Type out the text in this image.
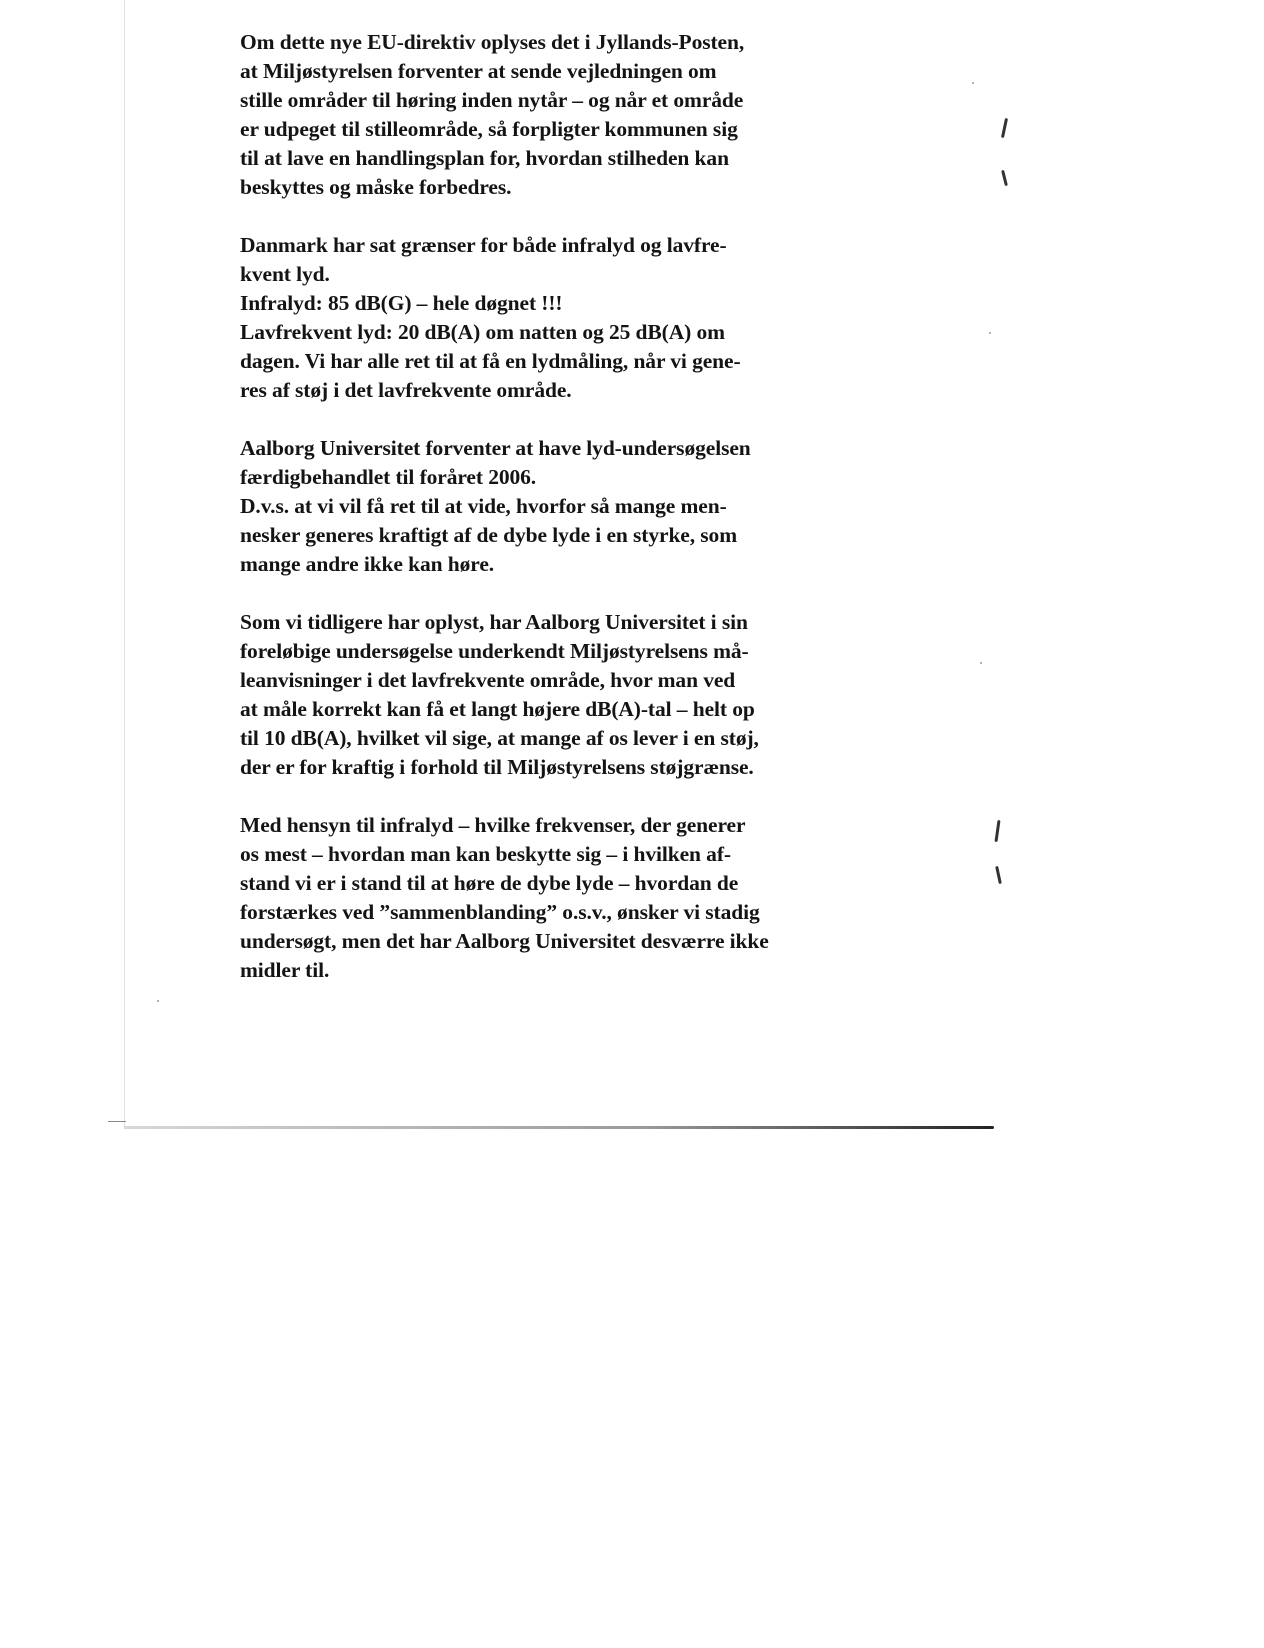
Om dette nye EU-direktiv oplyses det i Jyllands-Posten,
at Miljøstyrelsen forventer at sende vejledningen om
stille områder til høring inden nytår – og når et område
er udpeget til stilleområde, så forpligter kommunen sig
til at lave en handlingsplan for, hvordan stilheden kan
beskyttes og måske forbedres.

Danmark har sat grænser for både infralyd og lavfre-
kvent lyd.
Infralyd: 85 dB(G) – hele døgnet !!!
Lavfrekvent lyd: 20 dB(A) om natten og 25 dB(A) om
dagen. Vi har alle ret til at få en lydmåling, når vi gene-
res af støj i det lavfrekvente område.

Aalborg Universitet forventer at have lyd-undersøgelsen
færdigbehandlet til foråret 2006.
D.v.s. at vi vil få ret til at vide, hvorfor så mange men-
nesker generes kraftigt af de dybe lyde i en styrke, som
mange andre ikke kan høre.

Som vi tidligere har oplyst, har Aalborg Universitet i sin
foreløbige undersøgelse underkendt Miljøstyrelsens må-
leanvisninger i det lavfrekvente område, hvor man ved
at måle korrekt kan få et langt højere dB(A)-tal – helt op
til 10 dB(A), hvilket vil sige, at mange af os lever i en støj,
der er for kraftig i forhold til Miljøstyrelsens støjgrænse.

Med hensyn til infralyd – hvilke frekvenser, der generer
os mest – hvordan man kan beskytte sig – i hvilken af-
stand vi er i stand til at høre de dybe lyde – hvordan de
forstærkes ved ”sammenblanding” o.s.v., ønsker vi stadig
undersøgt, men det har Aalborg Universitet desværre ikke
midler til.
